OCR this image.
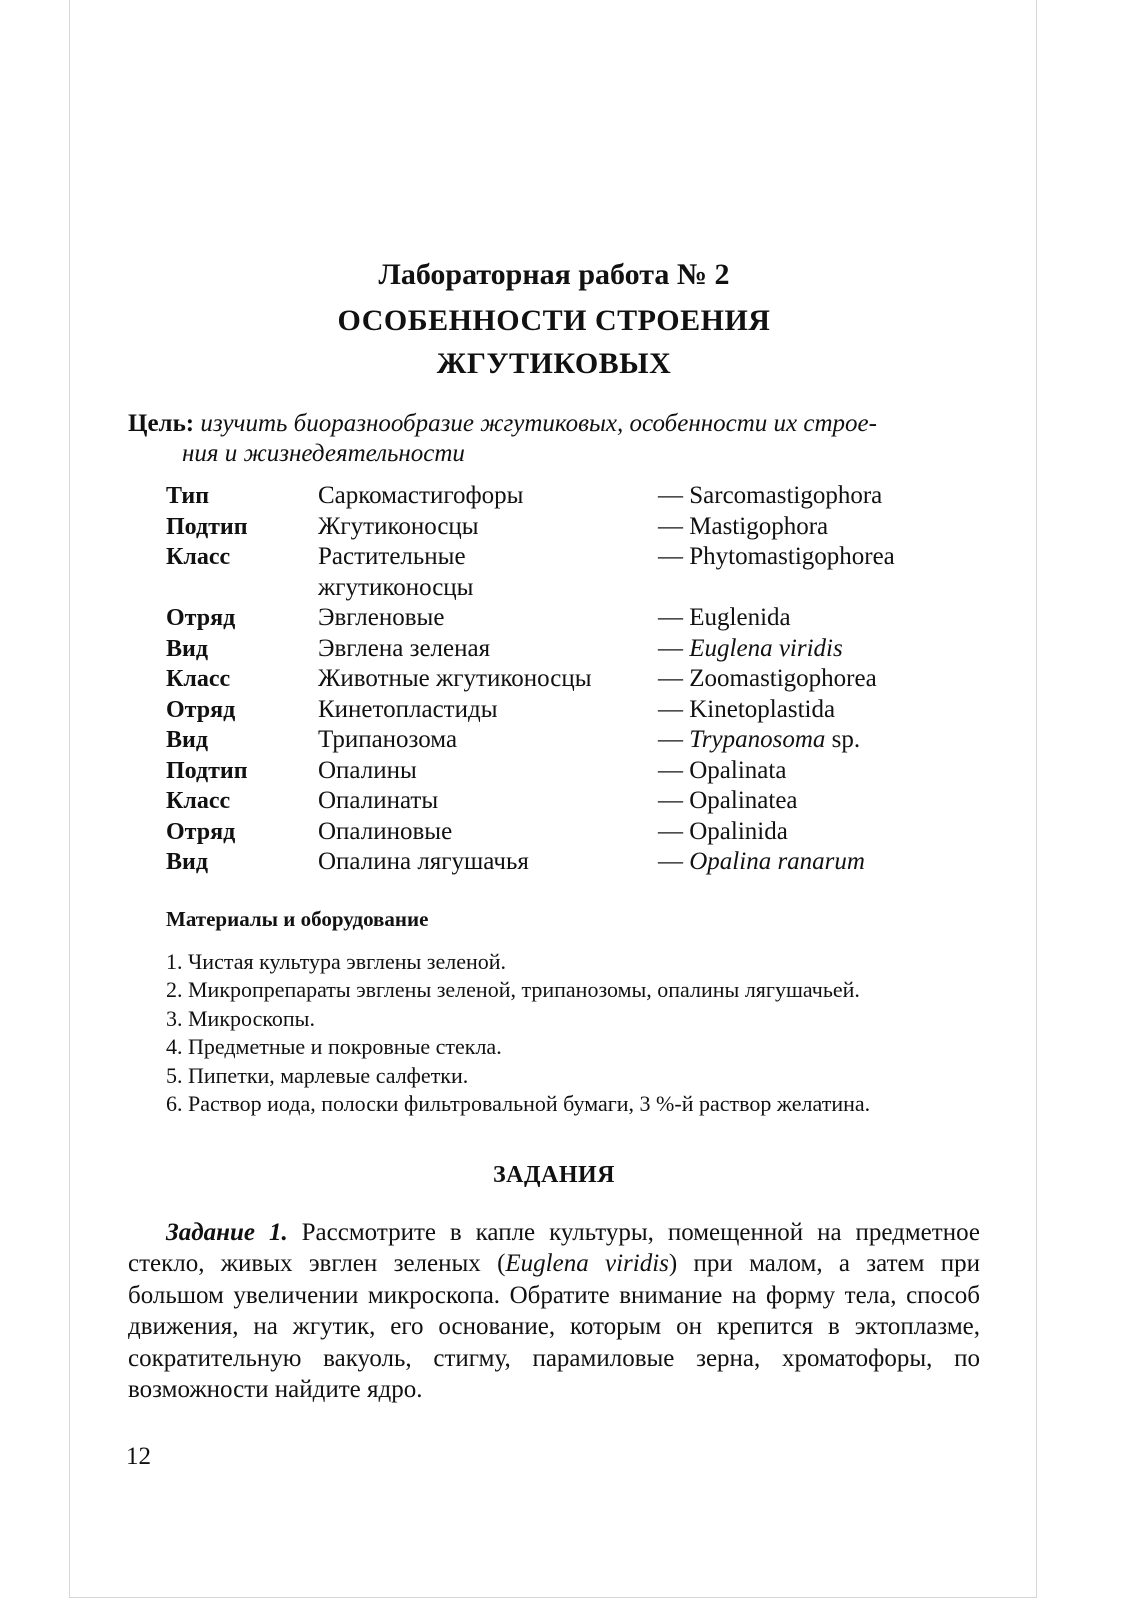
Лабораторная работа № 2
ОСОБЕННОСТИ СТРОЕНИЯ
ЖГУТИКОВЫХ
Цель: изучить биоразнообразие жгутиковых, особенности их строе-
ния и жизнедеятельности
Тип	Саркомастигофоры	— Sarcomastigophora
Подтип	Жгутиконосцы	— Mastigophora
Класс	Растительные	— Phytomastigophorea
жгутиконосцы
Отряд	Эвгленовые	— Euglenida
Вид	Эвглена зеленая	— Euglena viridis
Класс	Животные жгутиконосцы	— Zoomastigophorea
Отряд	Кинетопластиды	— Kinetoplastida
Вид	Трипанозома	— Trypanosoma sp.
Подтип	Опалины	— Opalinata
Класс	Опалинаты	— Opalinatea
Отряд	Опалиновые	— Opalinida
Вид	Опалина лягушачья	— Opalina ranarum
Материалы и оборудование

1. Чистая культура эвглены зеленой.

2. Микропрепараты эвглены зеленой, трипанозомы, опалины лягушачьей.

3. Микроскопы.

4. Предметные и покровные стекла.

5. Пипетки, марлевые салфетки.

6. Раствор иода, полоски фильтровальной бумаги, 3 %-й раствор желатина.

ЗАДАНИЯ

Задание 1. Рассмотрите в капле культуры, помещенной на предметное стекло, живых эвглен зеленых (Euglena viridis) при малом, а затем при большом увеличении микроскопа. Обратите внимание на форму тела, способ движения, на жгутик, его основание, которым он крепится в эктоплазме, сократительную вакуоль, стигму, парамиловые зерна, хроматофоры, по возможности найдите ядро.

12
